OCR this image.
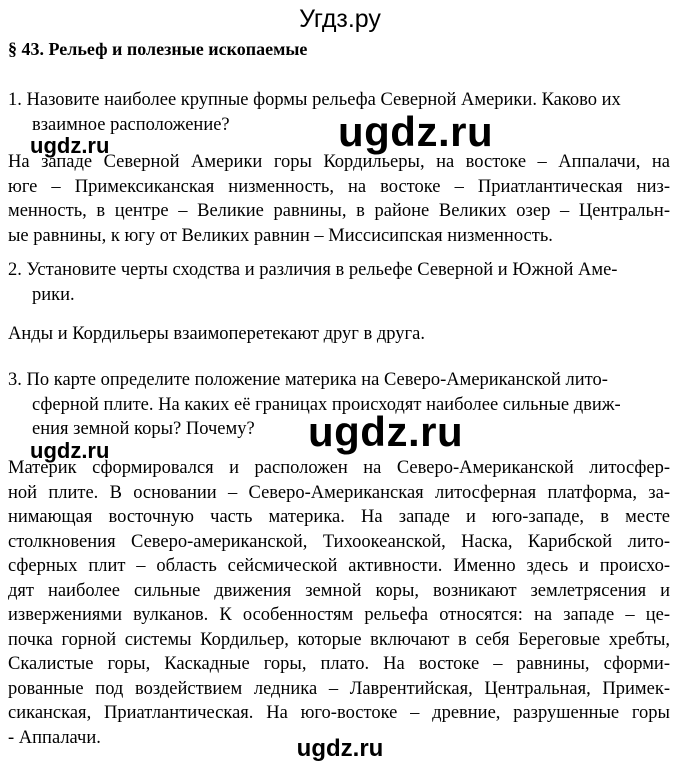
Угдз.ру
§ 43. Рельеф и полезные ископаемые
1. Назовите наиболее крупные формы рельефа Северной Америки. Каково их
взаимное расположение?
ugdz.ru	ugdz.ru
На западе Северной Америки горы Кордильеры, на востоке – Аппалачи, на
юге – Примексиканская низменность, на востоке – Приатлантическая низ-
менность, в центре – Великие равнины, в районе Великих озер – Центральн-
ые равнины, к югу от Великих равнин – Миссисипская низменность.
2. Установите черты сходства и различия в рельефе Северной и Южной Аме-
рики.
Анды и Кордильеры взаимоперетекают друг в друга.
3. По карте определите положение материка на Северо-Американской лито-
сферной плите. На каких её границах происходят наиболее сильные движ-
ения земной коры? Почему?
ugdz.ru	ugdz.ru
Материк сформировался и расположен на Северо-Американской литосфер-
ной плите. В основании – Северо-Американская литосферная платформа, за-
нимающая восточную часть материка. На западе и юго-западе, в месте
столкновения Северо-американской, Тихоокеанской, Наска, Карибской лито-
сферных плит – область сейсмической активности. Именно здесь и происхо-
дят наиболее сильные движения земной коры, возникают землетрясения и
извержениями вулканов. К особенностям рельефа относятся: на западе – це-
почка горной системы Кордильер, которые включают в себя Береговые хребты,
Скалистые горы, Каскадные горы, плато. На востоке – равнины, сформи-
рованные под воздействием ледника – Лаврентийская, Центральная, Примек-
сиканская, Приатлантическая. На юго-востоке – древние, разрушенные горы
- Аппалачи.	ugdz.ru
